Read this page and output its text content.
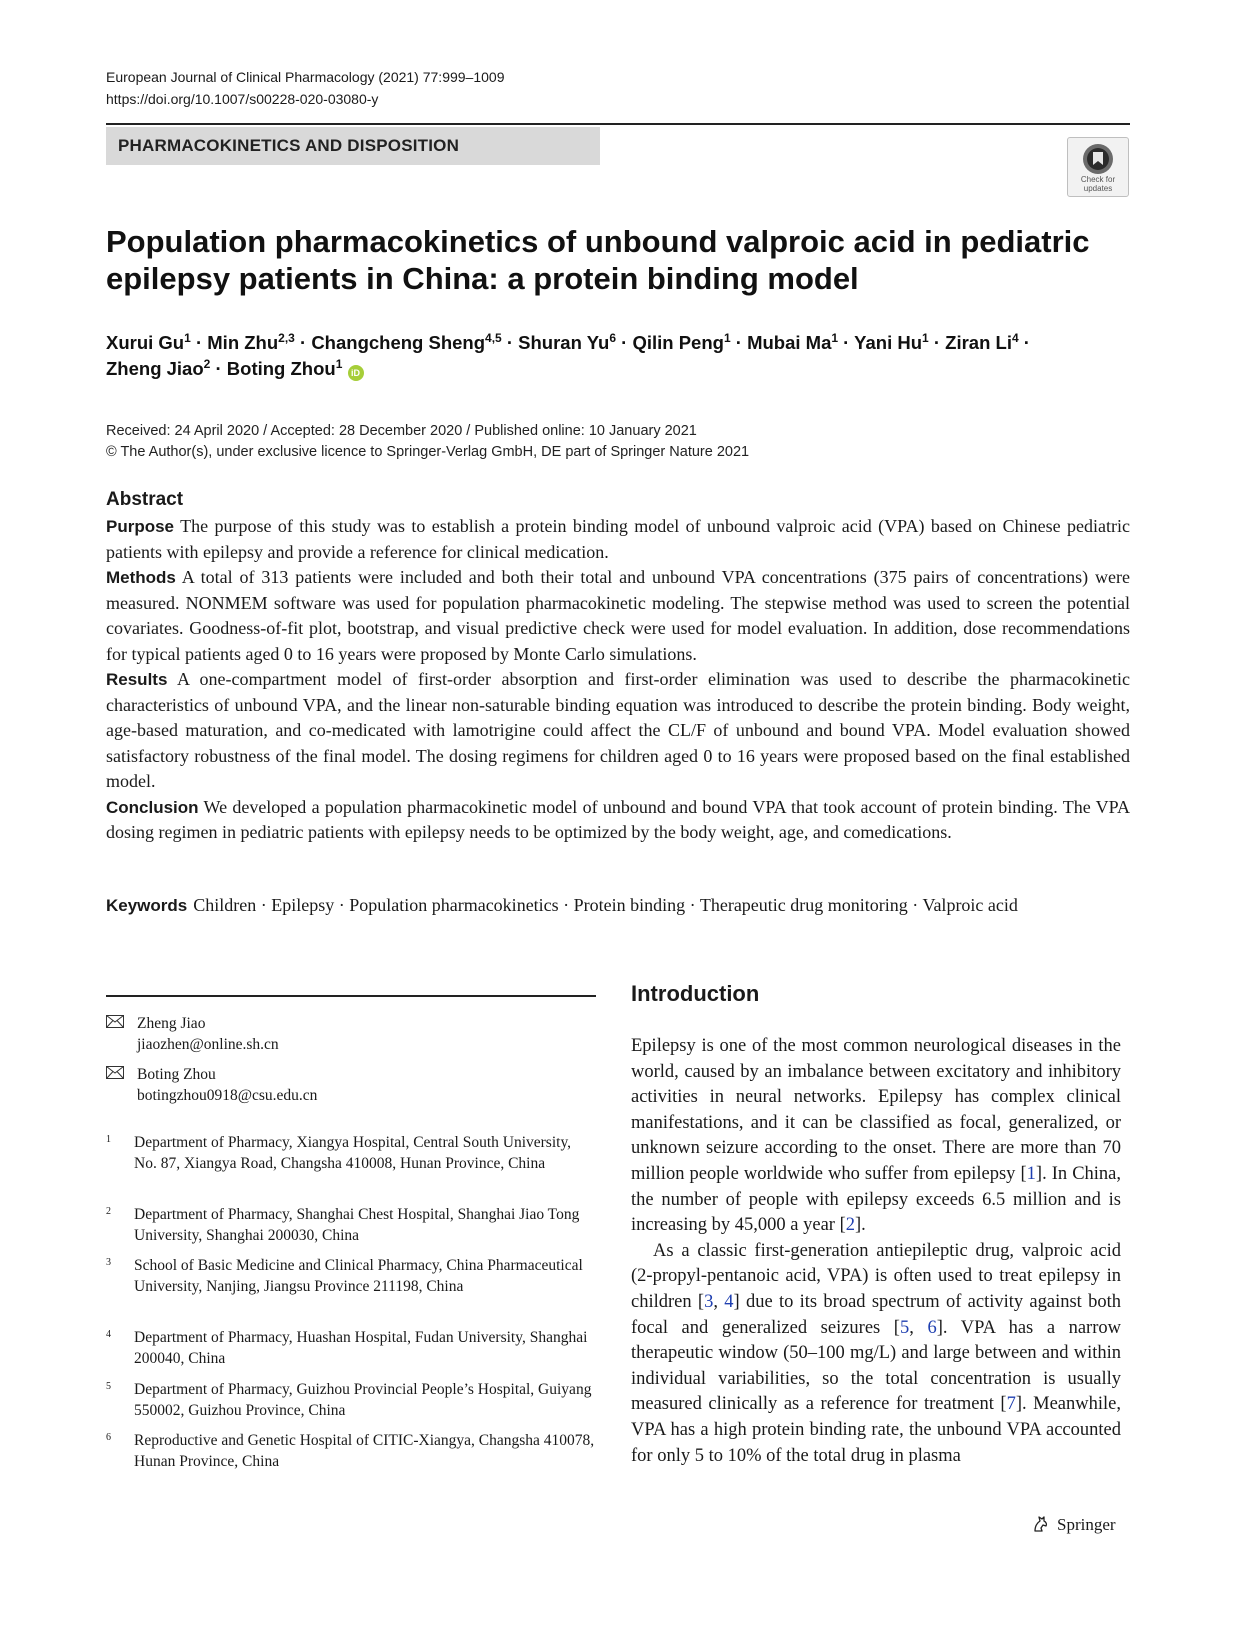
European Journal of Clinical Pharmacology (2021) 77:999–1009
https://doi.org/10.1007/s00228-020-03080-y
PHARMACOKINETICS AND DISPOSITION
Check for
updates
Population pharmacokinetics of unbound valproic acid in pediatric
epilepsy patients in China: a protein binding model
Xurui $Gu^1$ · Min Zhu$^{2,3}$ · Changcheng Sheng$^{4,5}$ · Shuran $Yu^6$ · Qilin Peng$^1$ · Mubai $Ma^1$ · Yani $Hu^1$ · Ziran $Li^4$ ·
Zheng Jiao$^2$ · Boting Zhou$^1$ iD
Received: 24 April 2020 / Accepted: 28 December 2020 / Published online: 10 January 2021
© The Author(s), under exclusive licence to Springer-Verlag GmbH, DE part of Springer Nature 2021
Abstract

Purpose The purpose of this study was to establish a protein binding model of unbound valproic acid (VPA) based on Chinese pediatric patients with epilepsy and provide a reference for clinical medication.

Methods A total of 313 patients were included and both their total and unbound VPA concentrations (375 pairs of concentrations) were measured. NONMEM software was used for population pharmacokinetic modeling. The stepwise method was used to screen the potential covariates. Goodness-of-fit plot, bootstrap, and visual predictive check were used for model evaluation. In addition, dose recommendations for typical patients aged 0 to 16 years were proposed by Monte Carlo simulations.

Results A one-compartment model of first-order absorption and first-order elimination was used to describe the pharmacokinetic characteristics of unbound VPA, and the linear non-saturable binding equation was introduced to describe the protein binding. Body weight, age-based maturation, and co-medicated with lamotrigine could affect the CL/F of unbound and bound VPA. Model evaluation showed satisfactory robustness of the final model. The dosing regimens for children aged 0 to 16 years were proposed based on the final established model.

Conclusion We developed a population pharmacokinetic model of unbound and bound VPA that took account of protein binding. The VPA dosing regimen in pediatric patients with epilepsy needs to be optimized by the body weight, age, and comedications.

Keywords Children · Epilepsy · Population pharmacokinetics · Protein binding · Therapeutic drug monitoring · Valproic acid
Zheng Jiao
jiaozhen@online.sh.cn
Boting Zhou
botingzhou0918@csu.edu.cn
1 Department of Pharmacy, Xiangya Hospital, Central South University, No. 87, Xiangya Road, Changsha 410008, Hunan Province, China
2 Department of Pharmacy, Shanghai Chest Hospital, Shanghai Jiao Tong University, Shanghai 200030, China
3 School of Basic Medicine and Clinical Pharmacy, China Pharmaceutical University, Nanjing, Jiangsu Province 211198, China
4 Department of Pharmacy, Huashan Hospital, Fudan University, Shanghai 200040, China
5 Department of Pharmacy, Guizhou Provincial People’s Hospital, Guiyang 550002, Guizhou Province, China
6 Reproductive and Genetic Hospital of CITIC-Xiangya, Changsha 410078, Hunan Province, China
Introduction

Epilepsy is one of the most common neurological diseases in the world, caused by an imbalance between excitatory and inhibitory activities in neural networks. Epilepsy has complex clinical manifestations, and it can be classified as focal, generalized, or unknown seizure according to the onset. There are more than 70 million people worldwide who suffer from epilepsy [1]. In China, the number of people with epilepsy exceeds 6.5 million and is increasing by 45,000 a year [2].

As a classic first-generation antiepileptic drug, valproic acid (2-propyl-pentanoic acid, VPA) is often used to treat epilepsy in children [3, 4] due to its broad spectrum of activity against both focal and generalized seizures [5, 6]. VPA has a narrow therapeutic window (50–100 mg/L) and large between and within individual variabilities, so the total concentration is usually measured clinically as a reference for treatment [7]. Meanwhile, VPA has a high protein binding rate, the unbound VPA accounted for only 5 to 10% of the total drug in plasma

Springer
